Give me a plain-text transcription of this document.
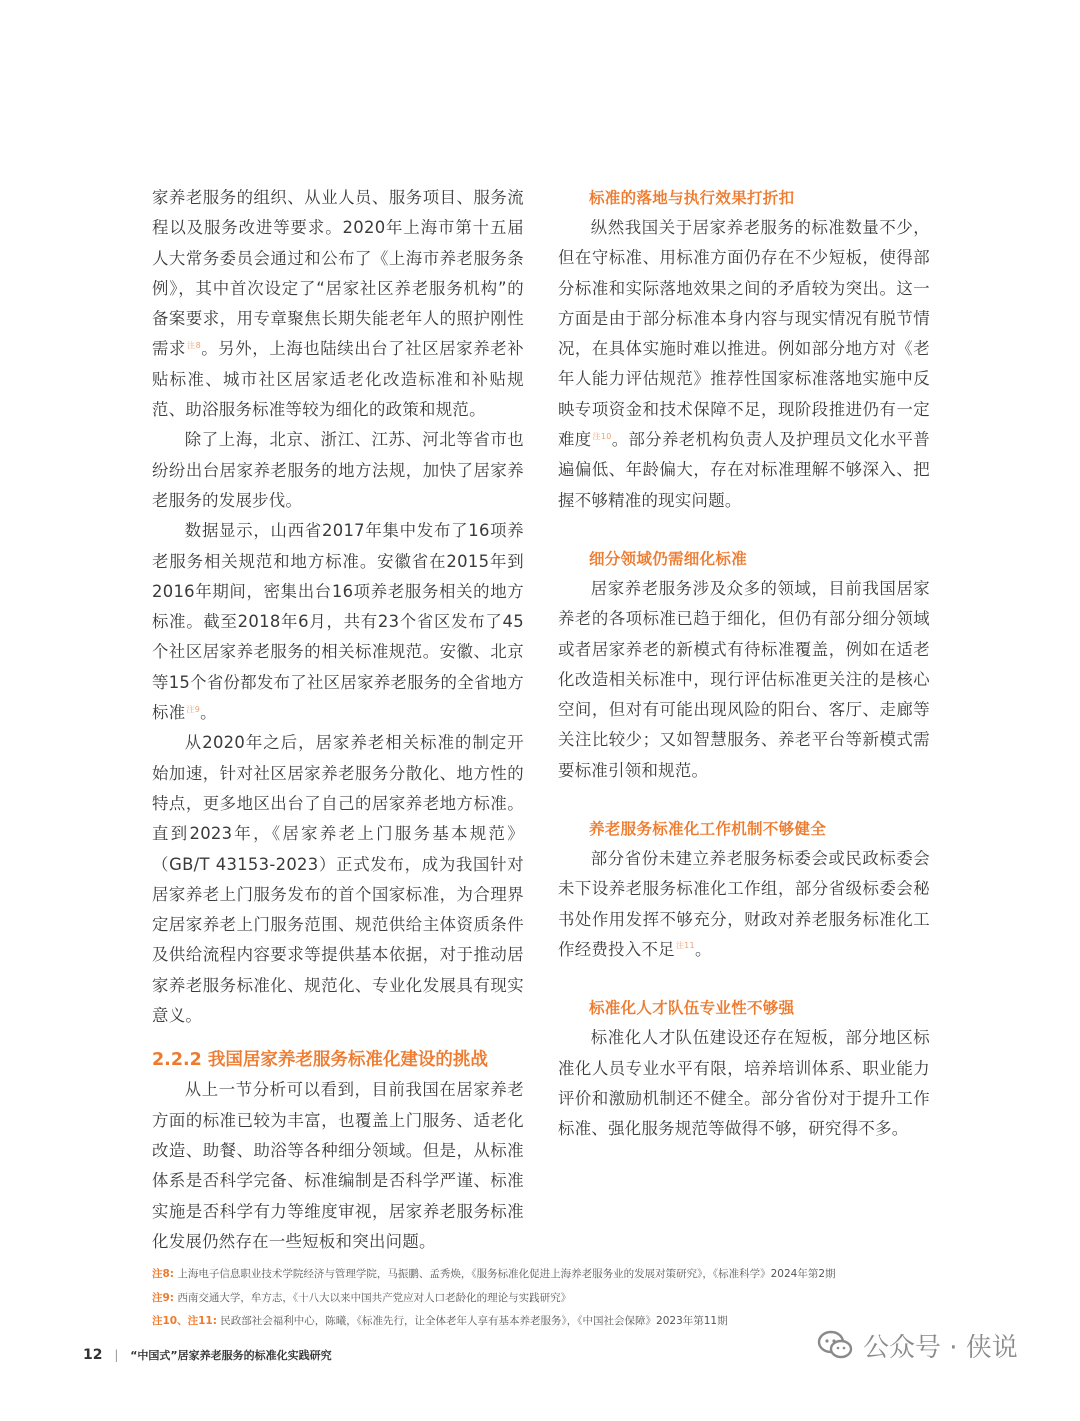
家养老服务的组织、从业人员、服务项目、服务流程以及服务改进等要求。2020年上海市第十五届人大常务委员会通过和公布了《上海市养老服务条例》，其中首次设定了“居家社区养老服务机构”的备案要求，用专章聚焦长期失能老年人的照护刚性需求$^{注8}$。另外，上海也陆续出台了社区居家养老补贴标准、城市社区居家适老化改造标准和补贴规范、助浴服务标准等较为细化的政策和规范。

除了上海，北京、浙江、江苏、河北等省市也纷纷出台居家养老服务的地方法规，加快了居家养老服务的发展步伐。

数据显示，山西省2017年集中发布了16项养老服务相关规范和地方标准。安徽省在2015年到2016年期间，密集出台16项养老服务相关的地方标准。截至2018年6月，共有23个省区发布了45个社区居家养老服务的相关标准规范。安徽、北京等15个省份都发布了社区居家养老服务的全省地方标准$^{注9}$。

从2020年之后，居家养老相关标准的制定开始加速，针对社区居家养老服务分散化、地方性的特点，更多地区出台了自己的居家养老地方标准。直到2023年，《居家养老上门服务基本规范》（GB/T 43153-2023）正式发布，成为我国针对居家养老上门服务发布的首个国家标准，为合理界定居家养老上门服务范围、规范供给主体资质条件及供给流程内容要求等提供基本依据，对于推动居家养老服务标准化、规范化、专业化发展具有现实意义。

2.2.2 我国居家养老服务标准化建设的挑战

从上一节分析可以看到，目前我国在居家养老方面的标准已较为丰富，也覆盖上门服务、适老化改造、助餐、助浴等各种细分领域。但是，从标准体系是否科学完备、标准编制是否科学严谨、标准实施是否科学有力等维度审视，居家养老服务标准化发展仍然存在一些短板和突出问题。

标准的落地与执行效果打折扣

纵然我国关于居家养老服务的标准数量不少，但在守标准、用标准方面仍存在不少短板，使得部分标准和实际落地效果之间的矛盾较为突出。这一方面是由于部分标准本身内容与现实情况有脱节情况，在具体实施时难以推进。例如部分地方对《老年人能力评估规范》推荐性国家标准落地实施中反映专项资金和技术保障不足，现阶段推进仍有一定难度$^{注10}$。部分养老机构负责人及护理员文化水平普遍偏低、年龄偏大，存在对标准理解不够深入、把握不够精准的现实问题。

细分领域仍需细化标准

居家养老服务涉及众多的领域，目前我国居家养老的各项标准已趋于细化，但仍有部分细分领域或者居家养老的新模式有待标准覆盖，例如在适老化改造相关标准中，现行评估标准更关注的是核心空间，但对有可能出现风险的阳台、客厅、走廊等关注比较少；又如智慧服务、养老平台等新模式需要标准引领和规范。

养老服务标准化工作机制不够健全

部分省份未建立养老服务标委会或民政标委会未下设养老服务标准化工作组，部分省级标委会秘书处作用发挥不够充分，财政对养老服务标准化工作经费投入不足$^{注11}$。

标准化人才队伍专业性不够强

标准化人才队伍建设还存在短板，部分地区标准化人员专业水平有限，培养培训体系、职业能力评价和激励机制还不健全。部分省份对于提升工作标准、强化服务规范等做得不够，研究得不多。

注8: 上海电子信息职业技术学院经济与管理学院，马振鹏、孟秀焕，《服务标准化促进上海养老服务业的发展对策研究》，《标准科学》2024年第2期

注9: 西南交通大学，牟方志，《十八大以来中国共产党应对人口老龄化的理论与实践研究》

注10、注11: 民政部社会福利中心，陈曦，《标准先行，让全体老年人享有基本养老服务》，《中国社会保障》2023年第11期

12 | “中国式”居家养老服务的标准化实践研究	公众号 · 侠说
